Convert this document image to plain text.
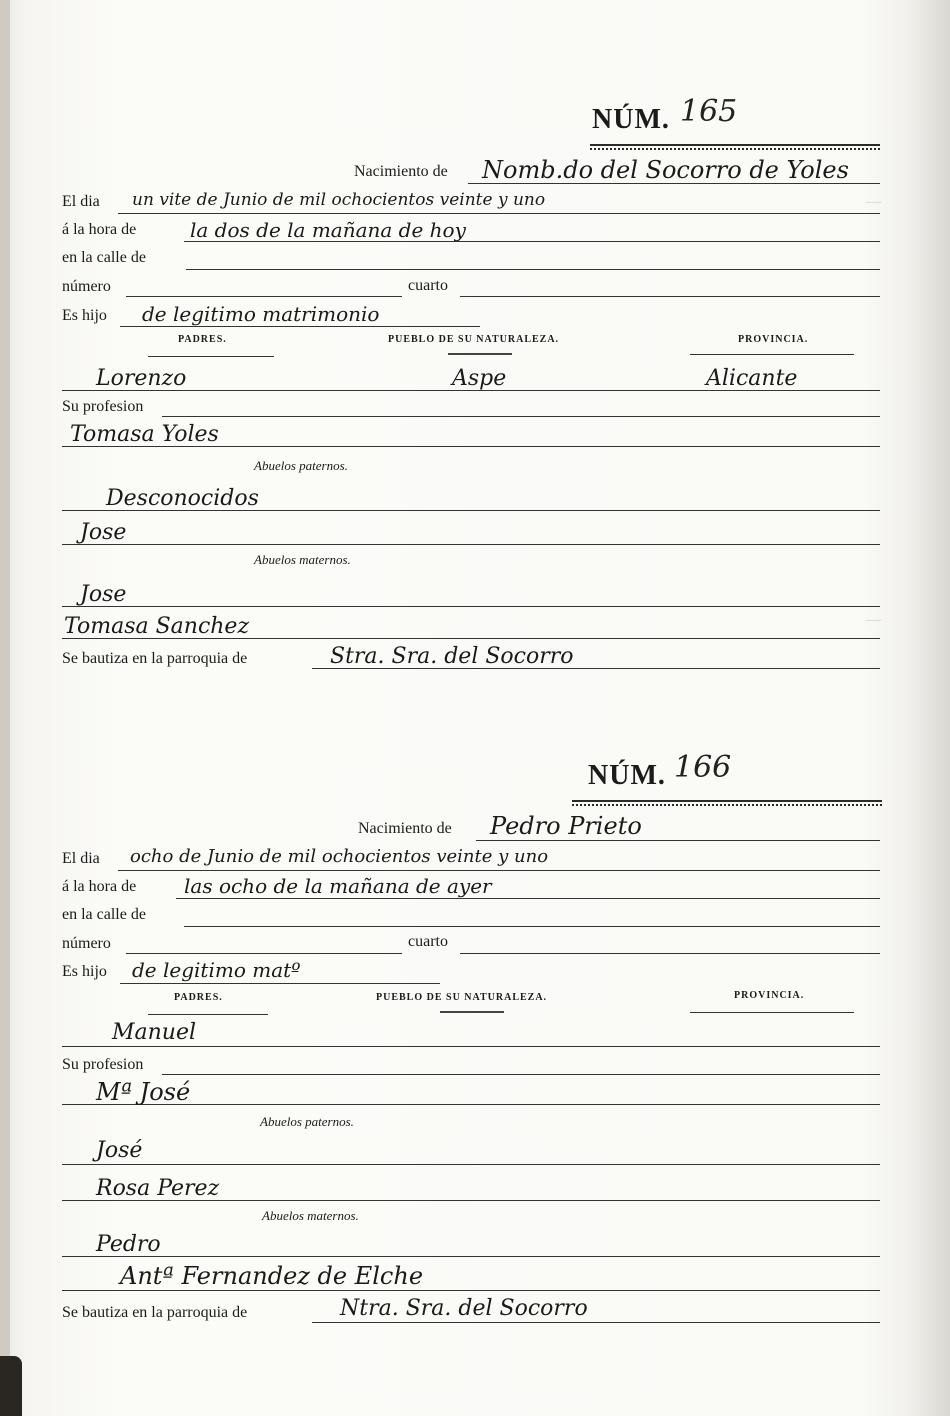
—
—
NÚM. 165
Nacimiento de Nomb.do del Socorro de Yoles
El dia un vite de Junio de mil ochocientos veinte y uno
á la hora de	la dos de la mañana de hoy
en la calle de
número	cuarto
Es hijo de legitimo matrimonio
PADRES.	PUEBLO DE SU NATURALEZA.	PROVINCIA.
Lorenzo	Aspe	Alicante
Su profesion
Tomasa Yoles
Abuelos paternos.
Desconocidos
Jose
Abuelos maternos.
Jose
Tomasa Sanchez
Se bautiza en la parroquia de	Stra. Sra. del Socorro
NÚM. 166
Nacimiento de Pedro Prieto
El dia ocho de Junio de mil ochocientos veinte y uno
á la hora de las ocho de la mañana de ayer
en la calle de
número	cuarto
Es hijo de legitimo matº
PADRES.	PUEBLO DE SU NATURALEZA.	PROVINCIA.
Manuel
Su profesion
Mª José
Abuelos paternos.
José
Rosa Perez
Abuelos maternos.
Pedro
Antª Fernandez de Elche
Se bautiza en la parroquia de	Ntra. Sra. del Socorro
